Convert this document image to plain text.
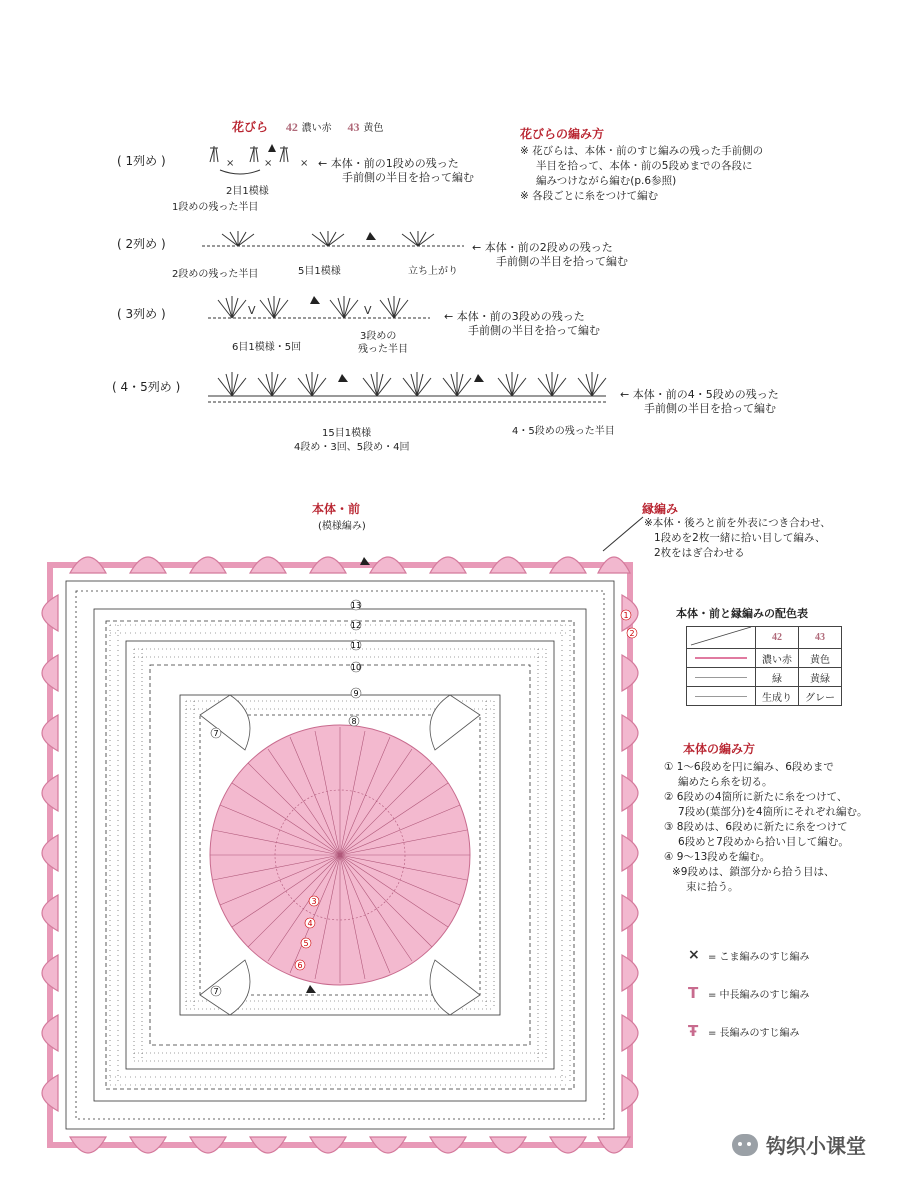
花びら 42 濃い赤 43 黄色
( 1列め )	×	×	× ← 本体・前の1段めの残った
手前側の半目を拾って編む
2目1模様
1段めの残った半目
( 2列め )	← 本体・前の2段めの残った
手前側の半目を拾って編む
2段めの残った半目	5目1模様	立ち上がり
( 3列め )	V	V	← 本体・前の3段めの残った
手前側の半目を拾って編む
6目1模様・5回
3段めの
残った半目
( 4・5列め )
← 本体・前の4・5段めの残った
手前側の半目を拾って編む
15目1模様
4段め・3回、5段め・4回
4・5段めの残った半目
花びらの編み方
※ 花びらは、本体・前のすじ編みの残った手前側の
半目を拾って、本体・前の5段めまでの各段に
編みつけながら編む(p.6参照)
※ 各段ごとに糸をつけて編む
本体・前
(模様編み)
縁編み
※本体・後ろと前を外表につき合わせ、
1段めを2枚一緒に拾い目して編み、
2枚をはぎ合わせる
13
12
11
10
9
8
7
7
6
5
4
3
1
2
本体・前と縁編みの配色表
	42	43

	濃い赤	黄色

	緑	黄緑

	生成り	グレー
本体の編み方
① 1～6段めを円に編み、6段めまで
編めたら糸を切る。
② 6段めの4箇所に新たに糸をつけて、
7段め(葉部分)を4箇所にそれぞれ編む。
③ 8段めは、6段めに新たに糸をつけて
6段めと7段めから拾い目して編む。
④ 9～13段めを編む。
※9段めは、鎖部分から拾う目は、
束に拾う。
× = こま編みのすじ編み
T = 中長編みのすじ編み
Ŧ = 長編みのすじ編み
钩织小课堂
